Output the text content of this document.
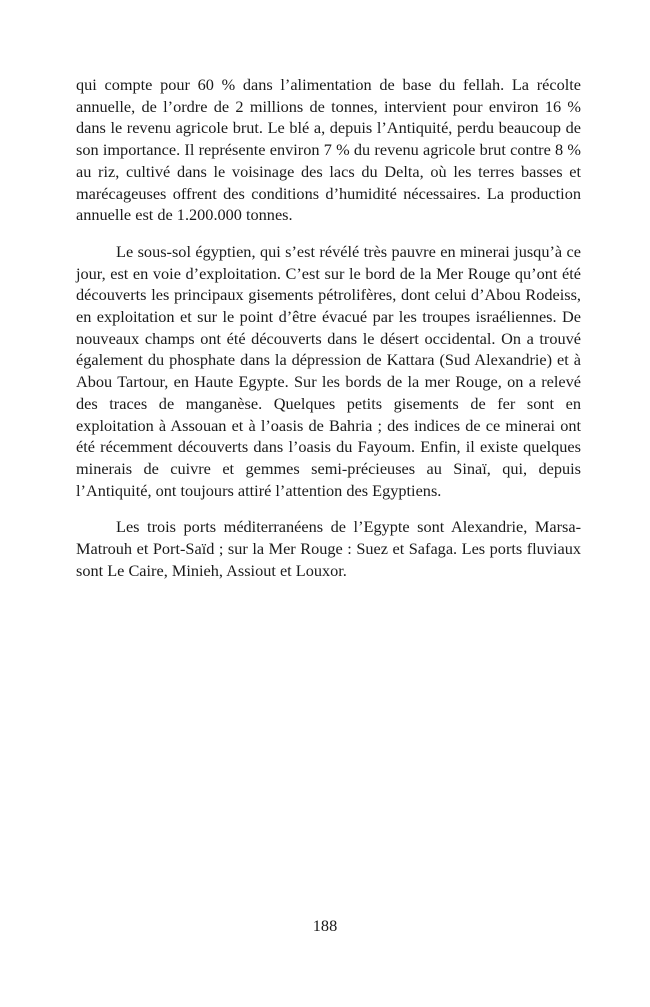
qui compte pour 60 % dans l’alimentation de base du fellah. La récolte annuelle, de l’ordre de 2 millions de tonnes, intervient pour environ 16 % dans le revenu agricole brut. Le blé a, depuis l’Antiquité, perdu beaucoup de son importance. Il représente environ 7 % du revenu agricole brut contre 8 % au riz, cultivé dans le voisinage des lacs du Delta, où les terres basses et marécageuses offrent des conditions d’humidité nécessaires. La production annuelle est de 1.200.000 tonnes.

Le sous-sol égyptien, qui s’est révélé très pauvre en minerai jusqu’à ce jour, est en voie d’exploitation. C’est sur le bord de la Mer Rouge qu’ont été découverts les principaux gisements pétrolifères, dont celui d’Abou Rodeiss, en exploitation et sur le point d’être évacué par les troupes israéliennes. De nouveaux champs ont été découverts dans le désert occidental. On a trouvé également du phosphate dans la dépression de Kattara (Sud Alexandrie) et à Abou Tartour, en Haute Egypte. Sur les bords de la mer Rouge, on a relevé des traces de manganèse. Quelques petits gisements de fer sont en exploitation à Assouan et à l’oasis de Bahria ; des indices de ce minerai ont été récemment découverts dans l’oasis du Fayoum. Enfin, il existe quelques minerais de cuivre et gemmes semi-précieuses au Sinaï, qui, depuis l’Antiquité, ont toujours attiré l’attention des Egyptiens.

Les trois ports méditerranéens de l’Egypte sont Alexandrie, Marsa-Matrouh et Port-Saïd ; sur la Mer Rouge : Suez et Safaga. Les ports fluviaux sont Le Caire, Minieh, Assiout et Louxor.

188
